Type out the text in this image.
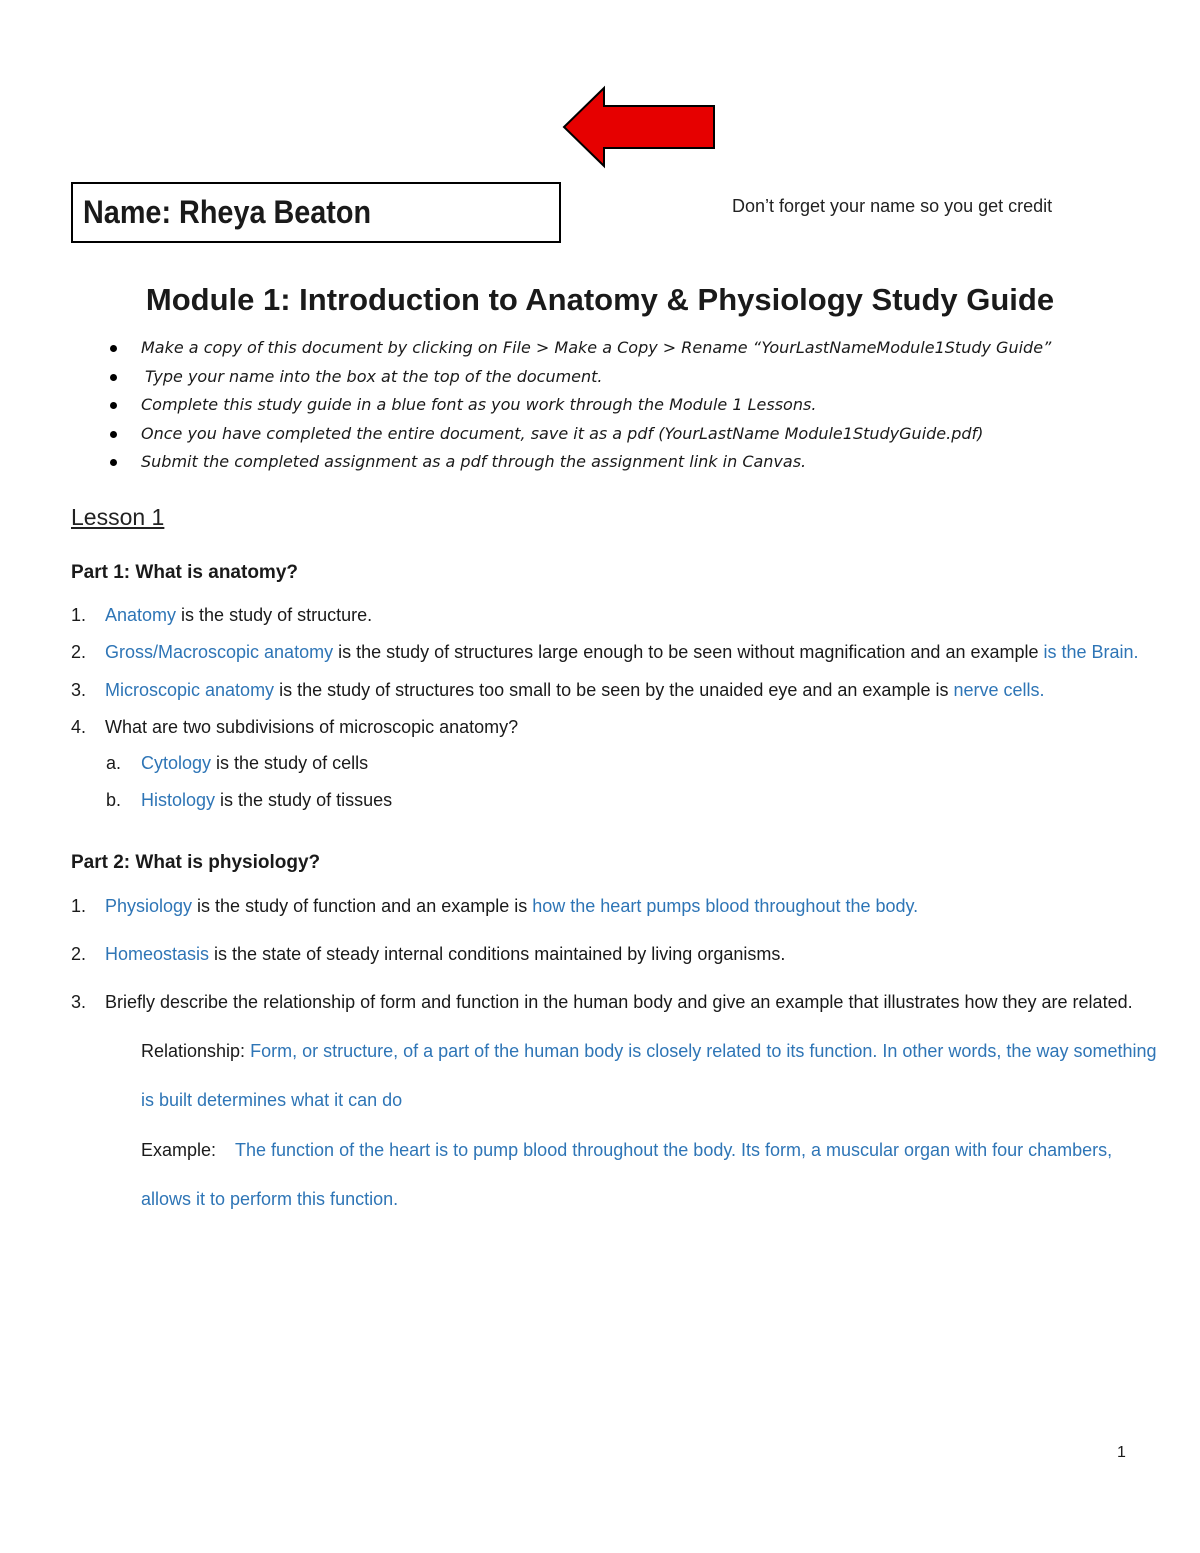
Name: Rheya Beaton	Don’t forget your name so you get credit
Module 1: Introduction to Anatomy & Physiology Study Guide
Make a copy of this document by clicking on File > Make a Copy > Rename “YourLastNameModule1Study Guide”
Type your name into the box at the top of the document.
Complete this study guide in a blue font as you work through the Module 1 Lessons.
Once you have completed the entire document, save it as a pdf (YourLastName Module1StudyGuide.pdf)
Submit the completed assignment as a pdf through the assignment link in Canvas.
Lesson 1
Part 1: What is anatomy?
1. Anatomy is the study of structure.
2. Gross/Macroscopic anatomy is the study of structures large enough to be seen without magnification and an example is the Brain.
3. Microscopic anatomy is the study of structures too small to be seen by the unaided eye and an example is nerve cells.
4. What are two subdivisions of microscopic anatomy?
a. Cytology is the study of cells
b. Histology is the study of tissues
Part 2: What is physiology?
1. Physiology is the study of function and an example is how the heart pumps blood throughout the body.
2. Homeostasis is the state of steady internal conditions maintained by living organisms.
3. Briefly describe the relationship of form and function in the human body and give an example that illustrates how they are related.
Relationship: Form, or structure, of a part of the human body is closely related to its function. In other words, the way something
is built determines what it can do
Example: The function of the heart is to pump blood throughout the body. Its form, a muscular organ with four chambers,
allows it to perform this function.
1
